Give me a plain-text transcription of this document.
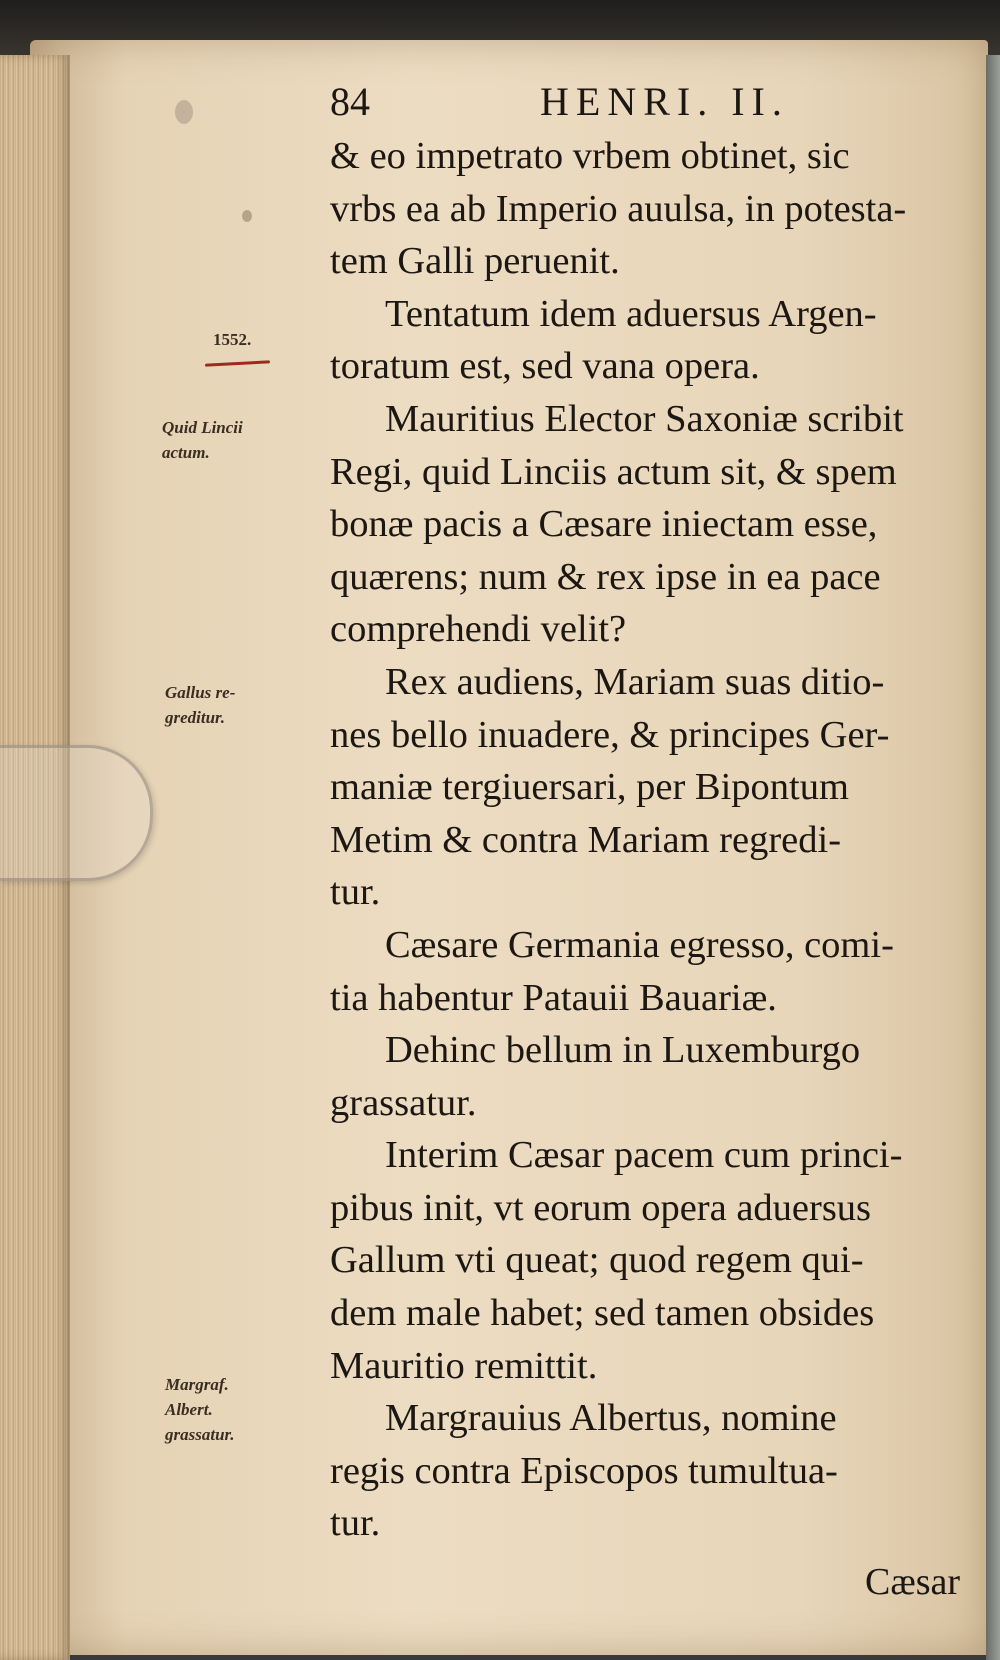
84	HENRI. II.
1552.
Quid Lincii
actum.
Gallus re-
greditur.
Margraf.
Albert.
grassatur.
& eo impetrato vrbem obtinet, sic
vrbs ea ab Imperio auulsa, in potesta-
tem Galli peruenit.
Tentatum idem aduersus Argen-
toratum est, sed vana opera.
Mauritius Elector Saxoniæ scribit
Regi, quid Linciis actum sit, & spem
bonæ pacis a Cæsare iniectam esse,
quærens; num & rex ipse in ea pace
comprehendi velit?
Rex audiens, Mariam suas ditio-
nes bello inuadere, & principes Ger-
maniæ tergiuersari, per Bipontum
Metim & contra Mariam regredi-
tur.
Cæsare Germania egresso, comi-
tia habentur Patauii Bauariæ.
Dehinc bellum in Luxemburgo
grassatur.
Interim Cæsar pacem cum princi-
pibus init, vt eorum opera aduersus
Gallum vti queat; quod regem qui-
dem male habet; sed tamen obsides
Mauritio remittit.
Margrauius Albertus, nomine
regis contra Episcopos tumultua-
tur.
Cæsar
